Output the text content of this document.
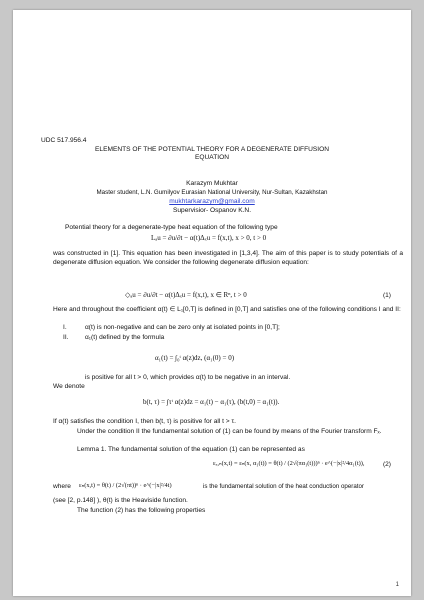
UDC 517.956.4
ELEMENTS OF THE POTENTIAL THEORY FOR A DEGENERATE DIFFUSION
EQUATION
Karazym Mukhtar
Master student, L.N. Gumilyov Eurasian National University, Nur-Sultan, Kazakhstan
mukhtarkarazym@gmail.com
Supervisior- Ospanov K.N.
Potential theory for a degenerate-type heat equation of the following type
Lₐu = ∂u/∂t − α(t)Δₓu = f(x,t), x > 0, t > 0
was constructed in [1]. This equation has been investigated in [1,3,4]. The aim of this paper is to study potentials of a degenerate diffusion equation. We consider the following degenerate diffusion equation:
◇ₐu = ∂u/∂t − α(t)Δₓu = f(x,t), x ∈ Rⁿ, t > 0	(1)
Here and throughout the coefficient α(t) ∈ L₁[0,T] is defined in [0,T] and satisfies one of the following conditions I and II:
I.	α(t) is non-negative and can be zero only at isolated points in [0,T];
II.	α₁(t) defined by the formula
α₁(t) = ∫₀ᵗ α(z)dz, (α₁(0) = 0)
is positive for all t > 0, which provides α(t) to be negative in an interval.
We denote
b(t, τ) = ∫τᵗ α(z)dz = α₁(t) − α₁(τ), (b(t,0) = α₁(t)).
If α(t) satisfies the condition I, then b(t, τ) is positive for all t > τ.
Under the condition II the fundamental solution of (1) can be found by means of the Fourier transform Fₓ.
Lemma 1. The fundamental solution of the equation (1) can be represented as
εₐ,ₙ(x,t) = εₙ(x, α₁(t)) = θ(t) / (2√(πα₁(t)))ⁿ · e^(−|x|²/4α₁(t)),	(2)
where εₙ(x,t) = θ(t) / (2√(πt))ⁿ · e^(−|x|²/4t)	is the fundamental solution of the heat conduction operator
(see [2, p.148] ), θ(t) is the Heaviside function.
The function (2) has the following properties
1
